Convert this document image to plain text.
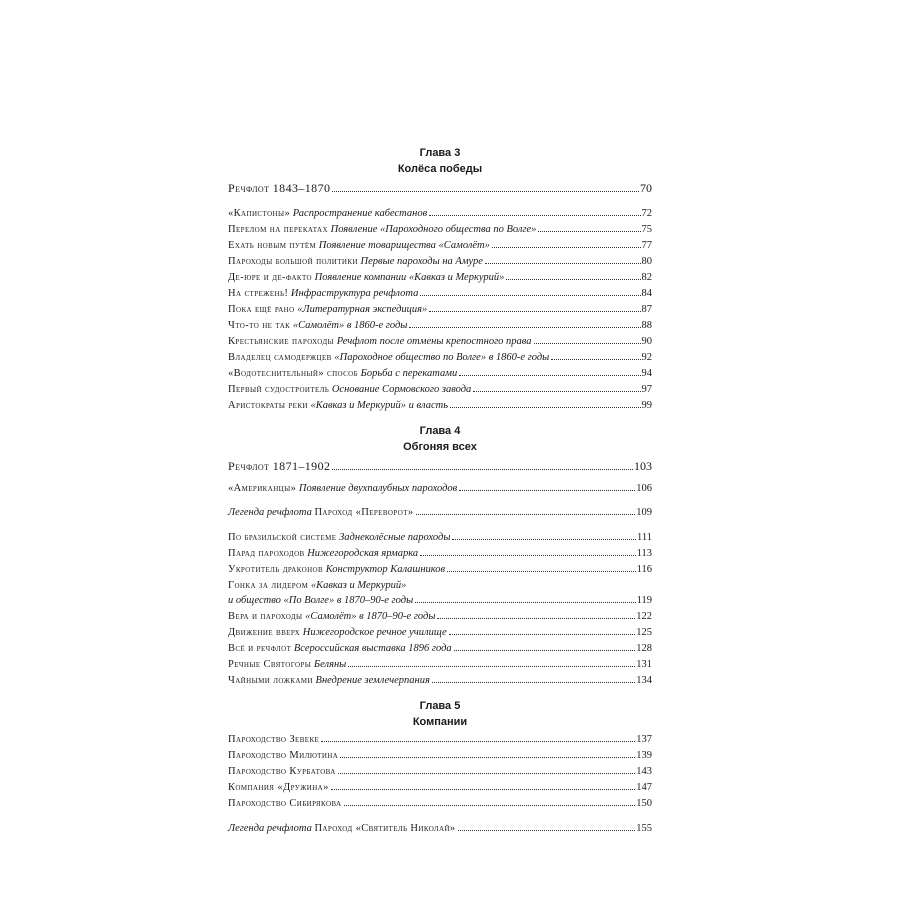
Глава 3
Колёса победы
Речфлот 1843–1870	70
«Капистоны» Распространение кабестанов	72
Перелом на перекатах Появление «Пароходного общества по Волге»	75
Ехать новым путём Появление товарищества «Самолёт»	77
Пароходы большой политики Первые пароходы на Амуре	80
Де-юре и де-факто Появление компании «Кавказ и Меркурий»	82
На стрежень! Инфраструктура речфлота	84
Пока ещё рано «Литературная экспедиция»	87
Что-то не так «Самолёт» в 1860-е годы	88
Крестьянские пароходы Речфлот после отмены крепостного права	90
Владелец самодержцев «Пароходное общество по Волге» в 1860-е годы	92
«Водотеснительный» способ Борьба с перекатами	94
Первый судостроитель Основание Сормовского завода	97
Аристократы реки «Кавказ и Меркурий» и власть	99
Глава 4
Обгоняя всех
Речфлот 1871–1902	103
«Американцы» Появление двухпалубных пароходов	106
Легенда речфлота Пароход «Переворот»	109
По бразильской системе Заднеколёсные пароходы	111
Парад пароходов Нижегородская ярмарка	113
Укротитель драконов Конструктор Калашников	116
Гонка за лидером «Кавказ и Меркурий»
и общество «По Волге» в 1870–90-е годы	119
Вера и пароходы «Самолёт» в 1870–90-е годы	122
Движение вверх Нижегородское речное училище	125
Всё и речфлот Всероссийская выставка 1896 года	128
Речные Святогоры Беляны	131
Чайными ложками Внедрение землечерпания	134
Глава 5
Компании
Пароходство Зевеке	137
Пароходство Милютина	139
Пароходство Курбатова	143
Компания «Дружина»	147
Пароходство Сибирякова	150
Легенда речфлота Пароход «Святитель Николай»	155
